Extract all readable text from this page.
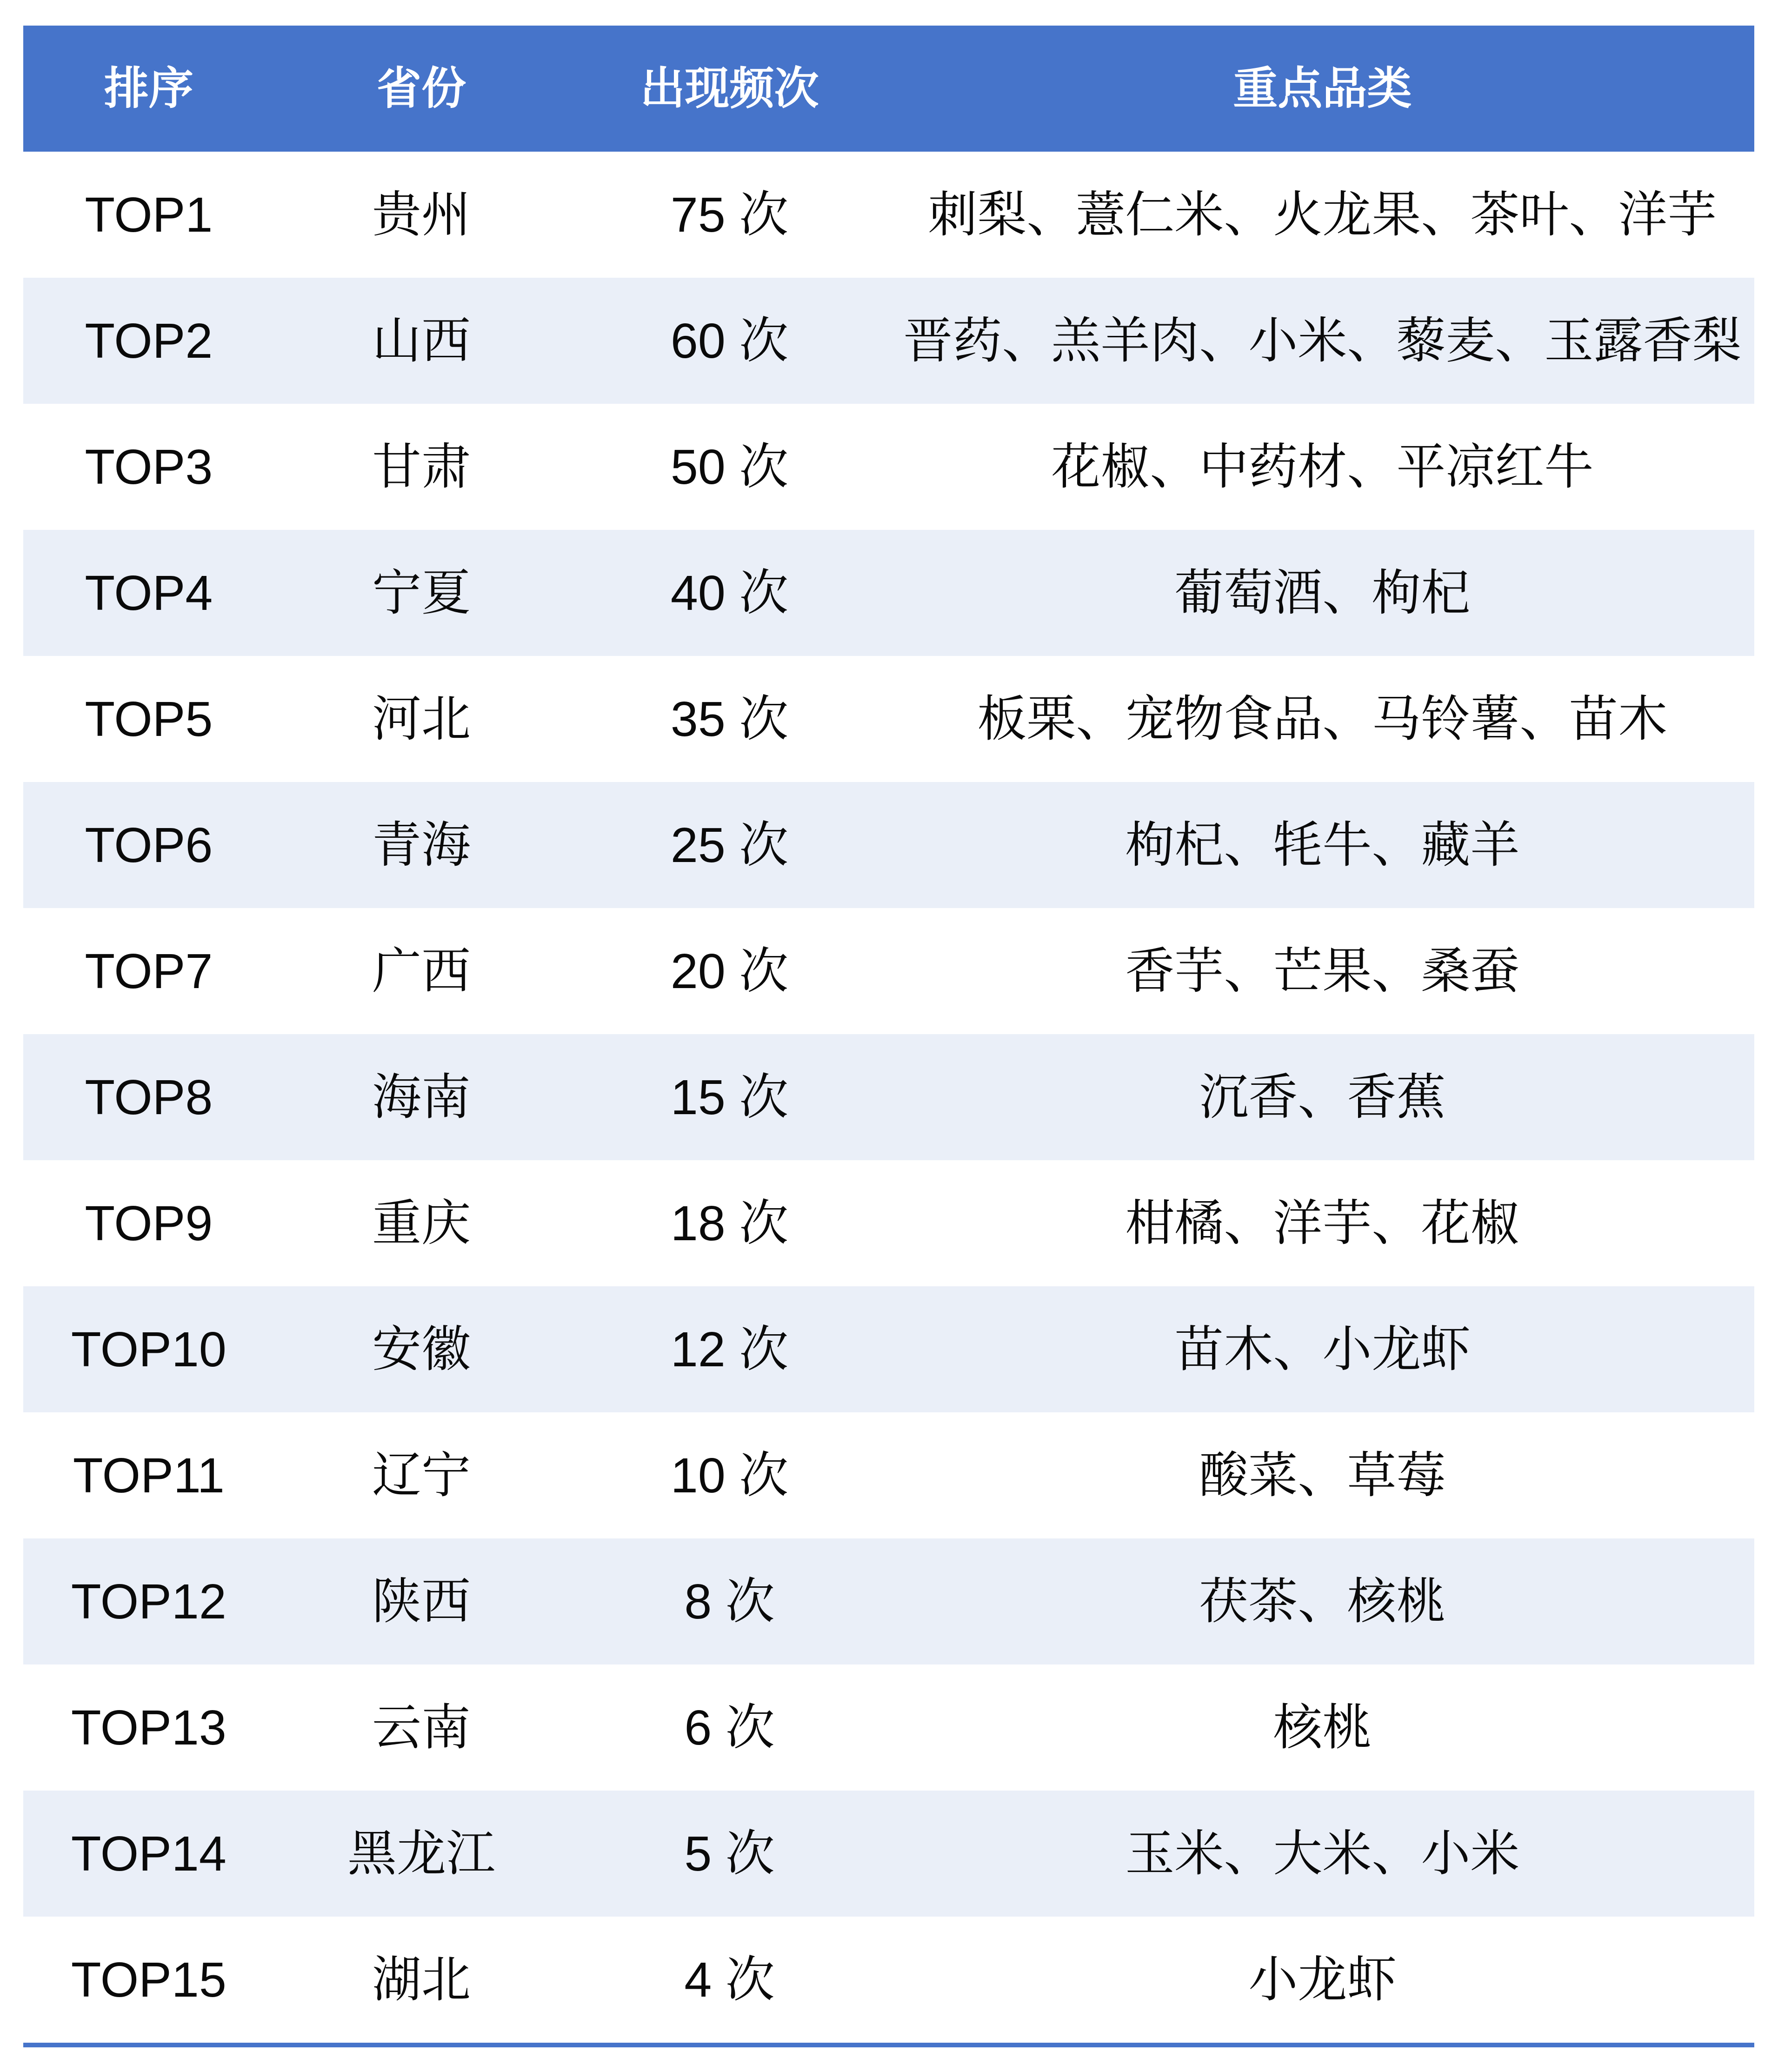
排序	省份	出现频次	重点品类
TOP1	贵州	75 次	刺梨、薏仁米、火龙果、茶叶、洋芋
TOP2	山西	60 次	晋药、羔羊肉、小米、藜麦、玉露香梨
TOP3	甘肃	50 次	花椒、中药材、平凉红牛
TOP4	宁夏	40 次	葡萄酒、枸杞
TOP5	河北	35 次	板栗、宠物食品、马铃薯、苗木
TOP6	青海	25 次	枸杞、牦牛、藏羊
TOP7	广西	20 次	香芋、芒果、桑蚕
TOP8	海南	15 次	沉香、香蕉
TOP9	重庆	18 次	柑橘、洋芋、花椒
TOP10	安徽	12 次	苗木、小龙虾
TOP11	辽宁	10 次	酸菜、草莓
TOP12	陕西	8 次	茯茶、核桃
TOP13	云南	6 次	核桃
TOP14	黑龙江	5 次	玉米、大米、小米
TOP15	湖北	4 次	小龙虾
